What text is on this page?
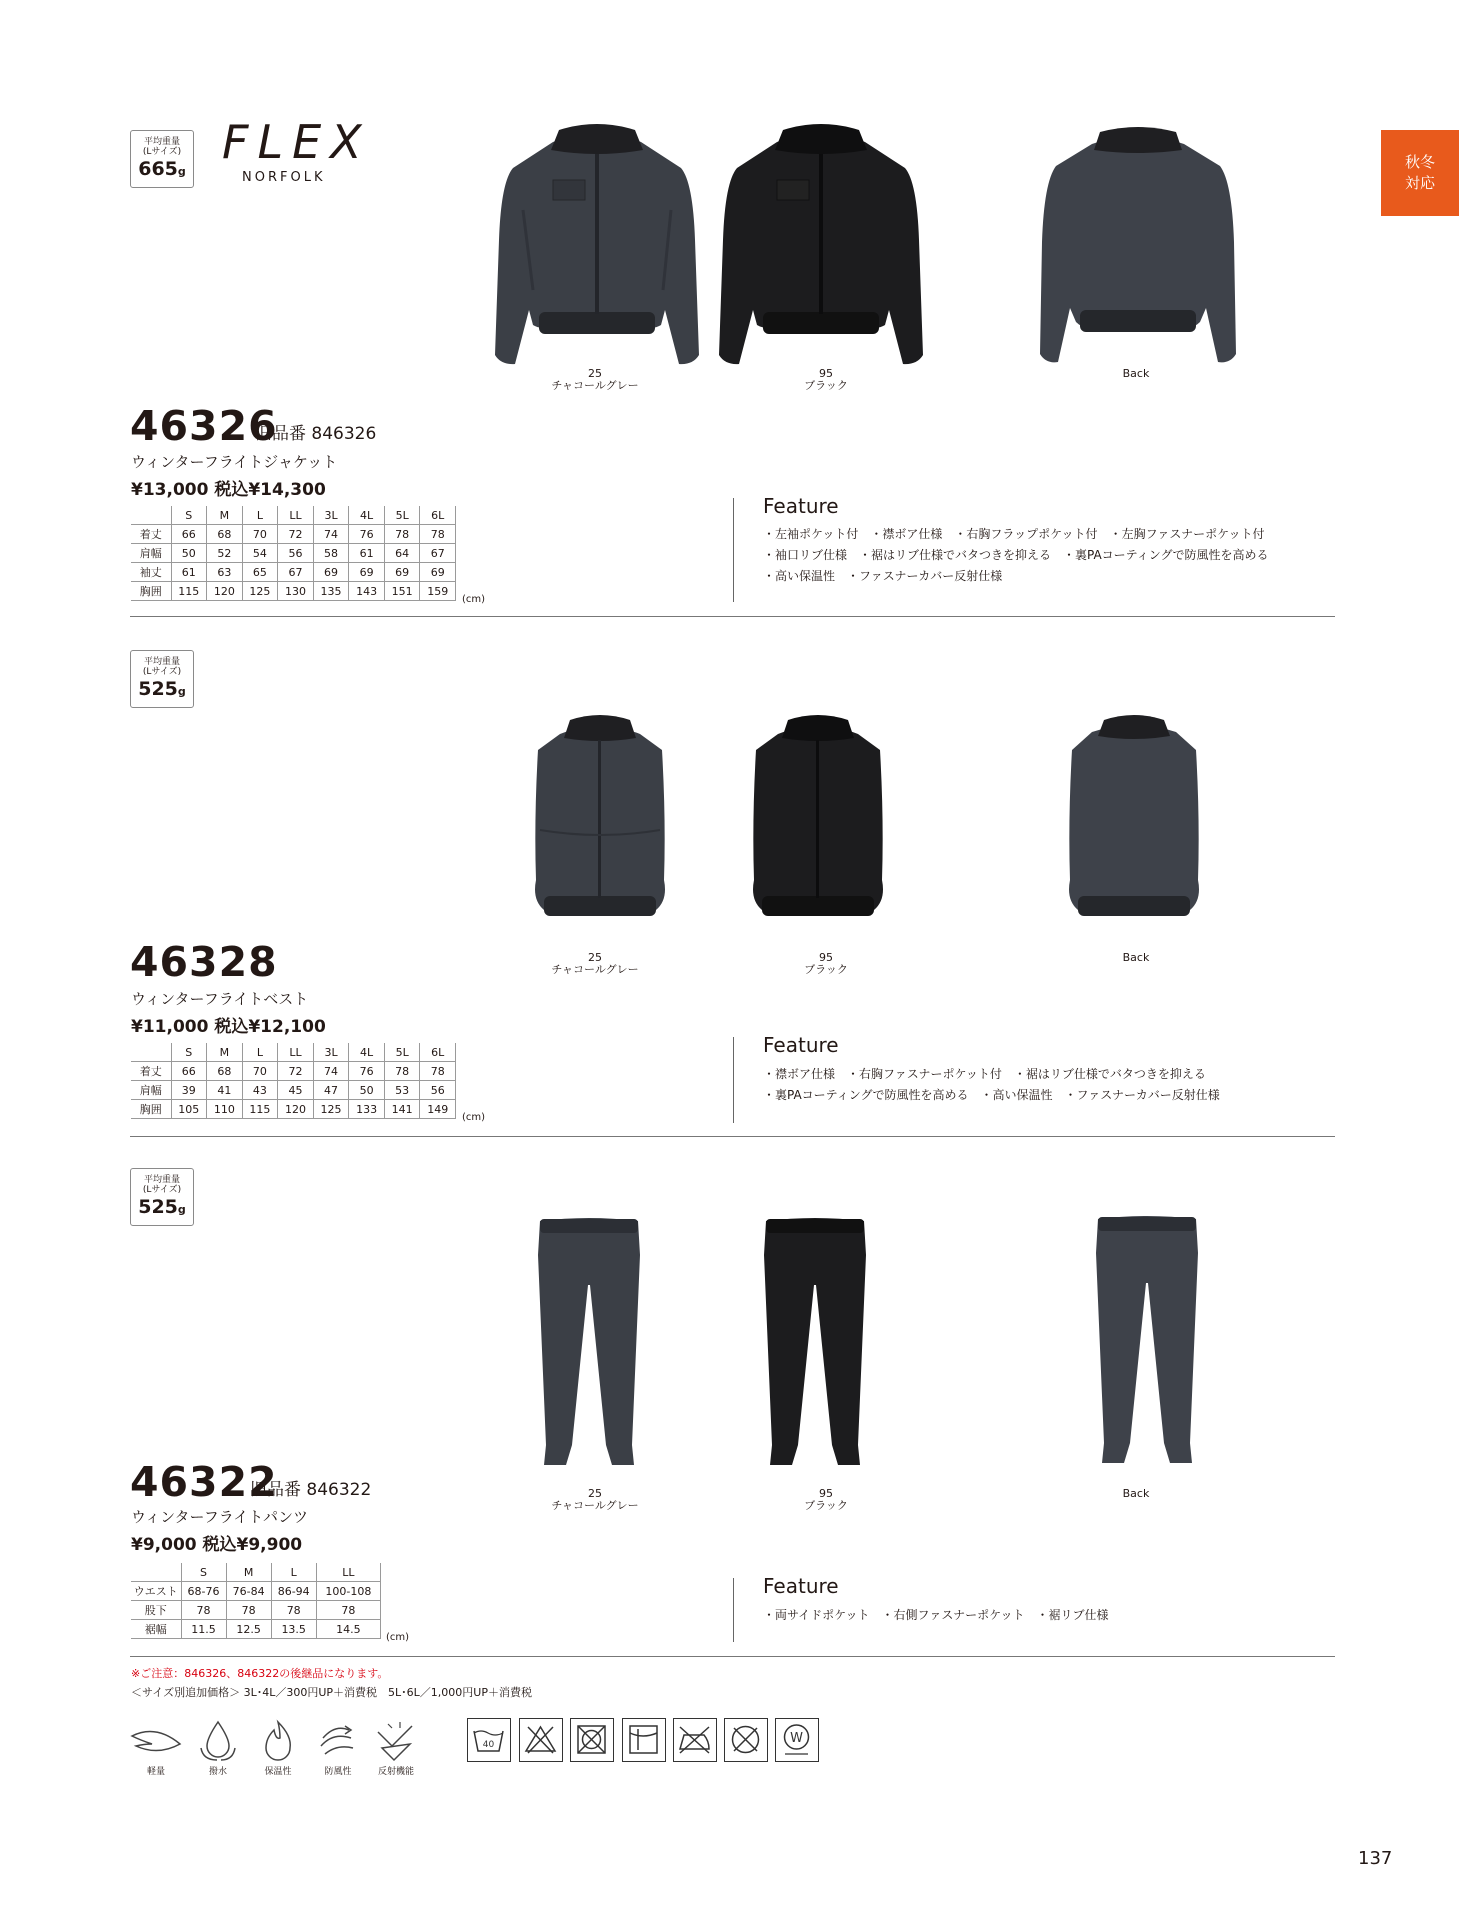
FLEX
NORFOLK
秋冬
対応
平均重量
(Lサイズ)
665g
25
チャコールグレー
95
ブラック
Back
46326
旧品番 846326
ウィンターフライトジャケット
¥13,000 税込¥14,300
	S	M	L	LL	3L	4L	5L	6L
着丈	66	68	70	72	74	76	78	78
肩幅	50	52	54	56	58	61	64	67
袖丈	61	63	65	67	69	69	69	69
胸囲	115	120	125	130	135	143	151	159
(cm)
Feature
・左袖ポケット付　・襟ボア仕様　・右胸フラップポケット付　・左胸ファスナーポケット付
・袖口リブ仕様　・裾はリブ仕様でバタつきを抑える　・裏PAコーティングで防風性を高める
・高い保温性　・ファスナーカバー反射仕様
平均重量
(Lサイズ)
525g
25
チャコールグレー
95
ブラック
Back
46328
ウィンターフライトベスト
¥11,000 税込¥12,100
	S	M	L	LL	3L	4L	5L	6L
着丈	66	68	70	72	74	76	78	78
肩幅	39	41	43	45	47	50	53	56
胸囲	105	110	115	120	125	133	141	149
(cm)
Feature
・襟ボア仕様　・右胸ファスナーポケット付　・裾はリブ仕様でバタつきを抑える
・裏PAコーティングで防風性を高める　・高い保温性　・ファスナーカバー反射仕様
平均重量
(Lサイズ)
525g
25
チャコールグレー
95
ブラック
Back
46322
旧品番 846322
ウィンターフライトパンツ
¥9,000 税込¥9,900
	S	M	L	LL
ウエスト	68-76	76-84	86-94	100-108
股下	78	78	78	78
裾幅	11.5	12.5	13.5	14.5
(cm)
Feature
・両サイドポケット　・右側ファスナーポケット　・裾リブ仕様
※ご注意：846326、846322の後継品になります。
＜サイズ別追加価格＞ 3L･4L／300円UP＋消費税　5L･6L／1,000円UP＋消費税
軽量	撥水	保温性	防風性	反射機能
40	W
137
